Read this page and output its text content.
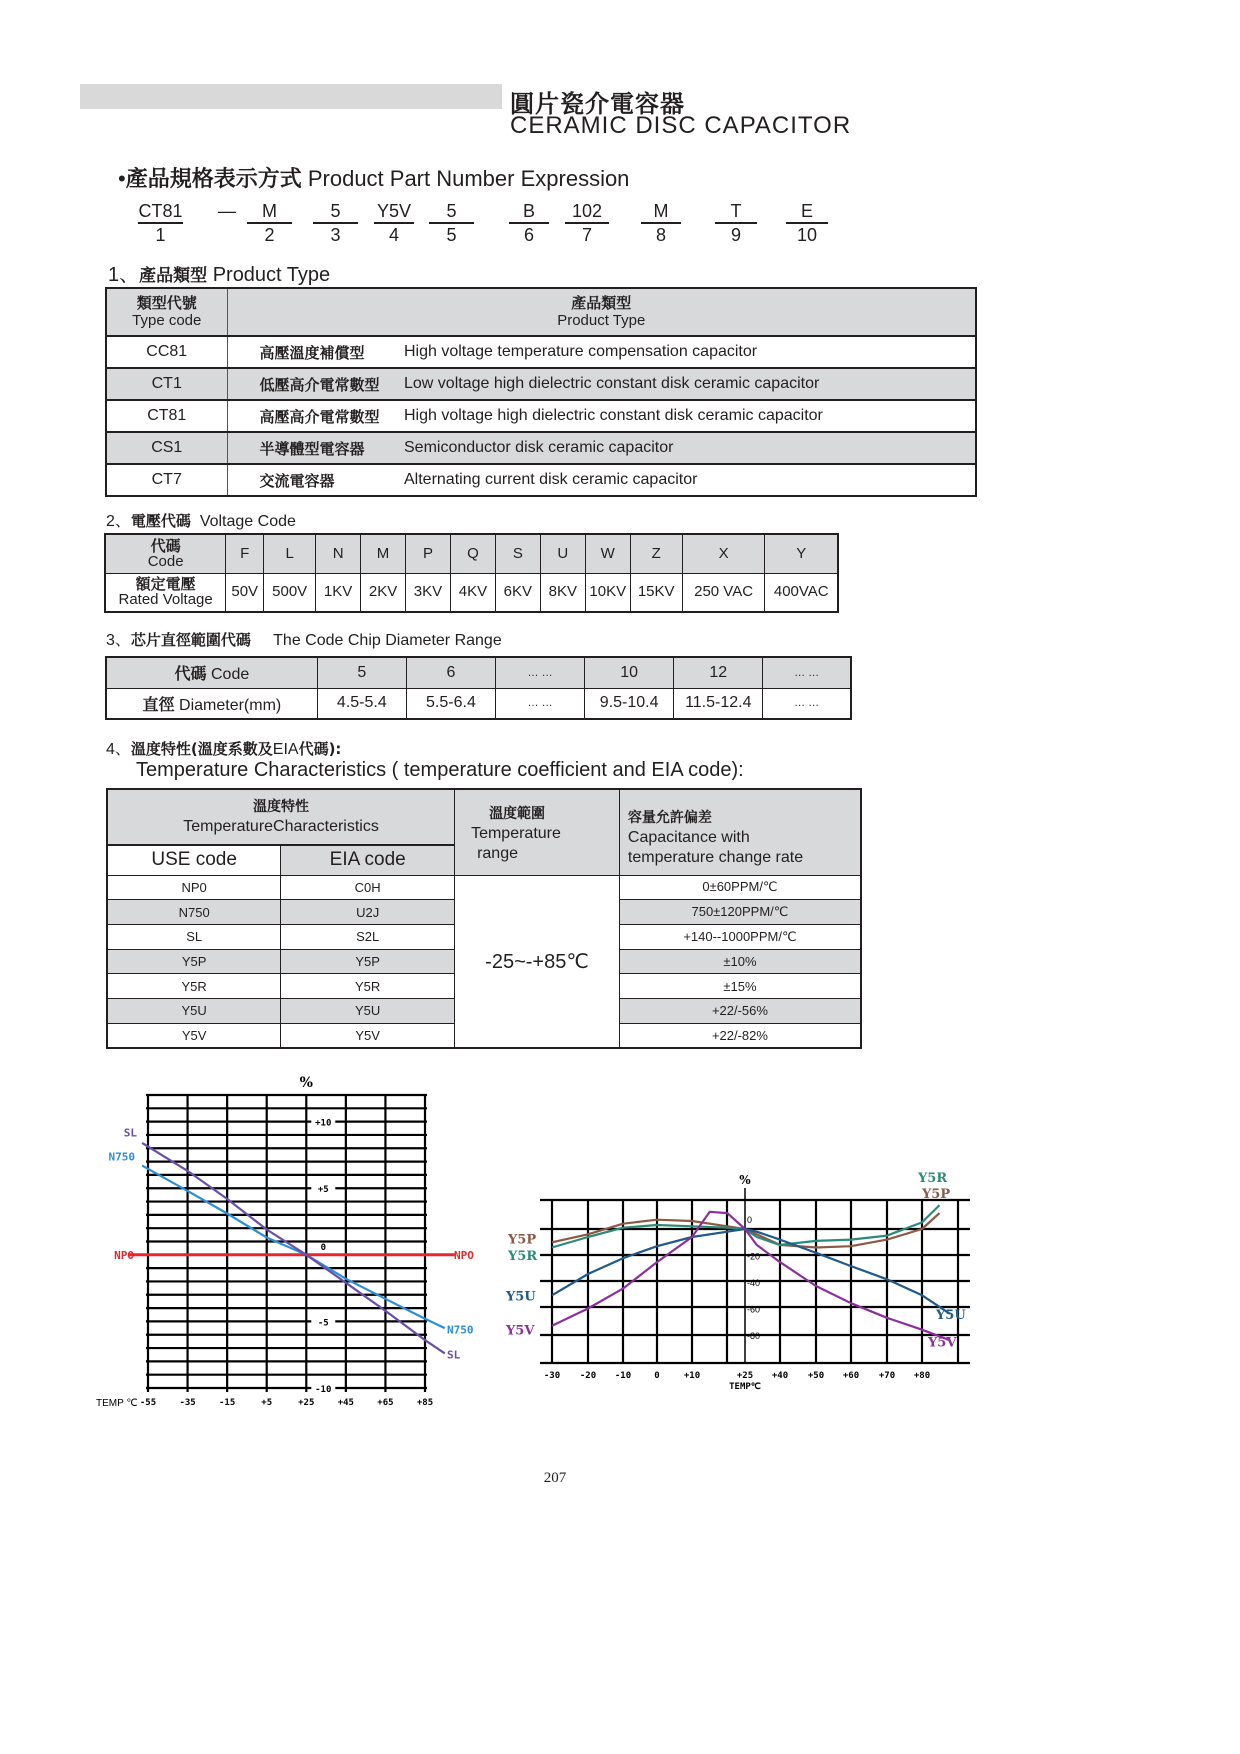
圓片瓷介電容器
CERAMIC DISC CAPACITOR
•產品規格表示方式 Product Part Number Expression
CT81
1
—	M
2
5
3
Y5V
4
5
5
B
6
102
7
M
8
T
9
E
10
1、產品類型 Product Type
類型代號
Type code

產品類型
Product Type

CC81	高壓溫度補償型	High voltage temperature compensation capacitor
CT1	低壓高介電常數型	Low voltage high dielectric constant disk ceramic capacitor
CT81	高壓高介電常數型	High voltage high dielectric constant disk ceramic capacitor
CS1	半導體型電容器	Semiconductor disk ceramic capacitor
CT7	交流電容器	Alternating current disk ceramic capacitor
2、電壓代碼 Voltage Code
代碼
Code	F	L	N	M	P	Q	S	U	W	Z	X	Y

額定電壓
Rated Voltage	50V	500V	1KV	2KV	3KV	4KV	6KV	8KV	10KV	15KV	250 VAC	400VAC
3、芯片直徑範圍代碼 The Code Chip Diameter Range
代碼 Code	5	6	… …	10	12	… …
直徑 Diameter(mm)	4.5-5.4	5.5-6.4	… …	9.5-10.4	11.5-12.4	… …
4、溫度特性(溫度系數及EIA代碼):
Temperature Characteristics ( temperature coefficient and EIA code):
溫度特性
TemperatureCharacteristics

溫度範圍
Temperature
range

容量允許偏差
Capacitance with
temperature change rate

USE code	EIA code		
NP0	C0H	-25~-+85℃	0±60PPM/℃
N750	U2J		750±120PPM/℃
SL	S2L		+140--1000PPM/℃
Y5P	Y5P		±10%
Y5R	Y5R		±15%
Y5U	Y5U		+22/-56%
Y5V	Y5V		+22/-82%
+10
+5
0
-5
-10
%
-55	-35	-15	+5	+25	+45	+65	+85
TEMP ℃
SL
N750
NPO	NPO
N750
SL
%
0
-20
-40
-60
-80
-30 -20 -10	0	+10	+25 +40 +50 +60 +70 +80
TEMP℃
Y5P
Y5R
Y5U
Y5V
Y5R
Y5P
Y5U
Y5V
207
